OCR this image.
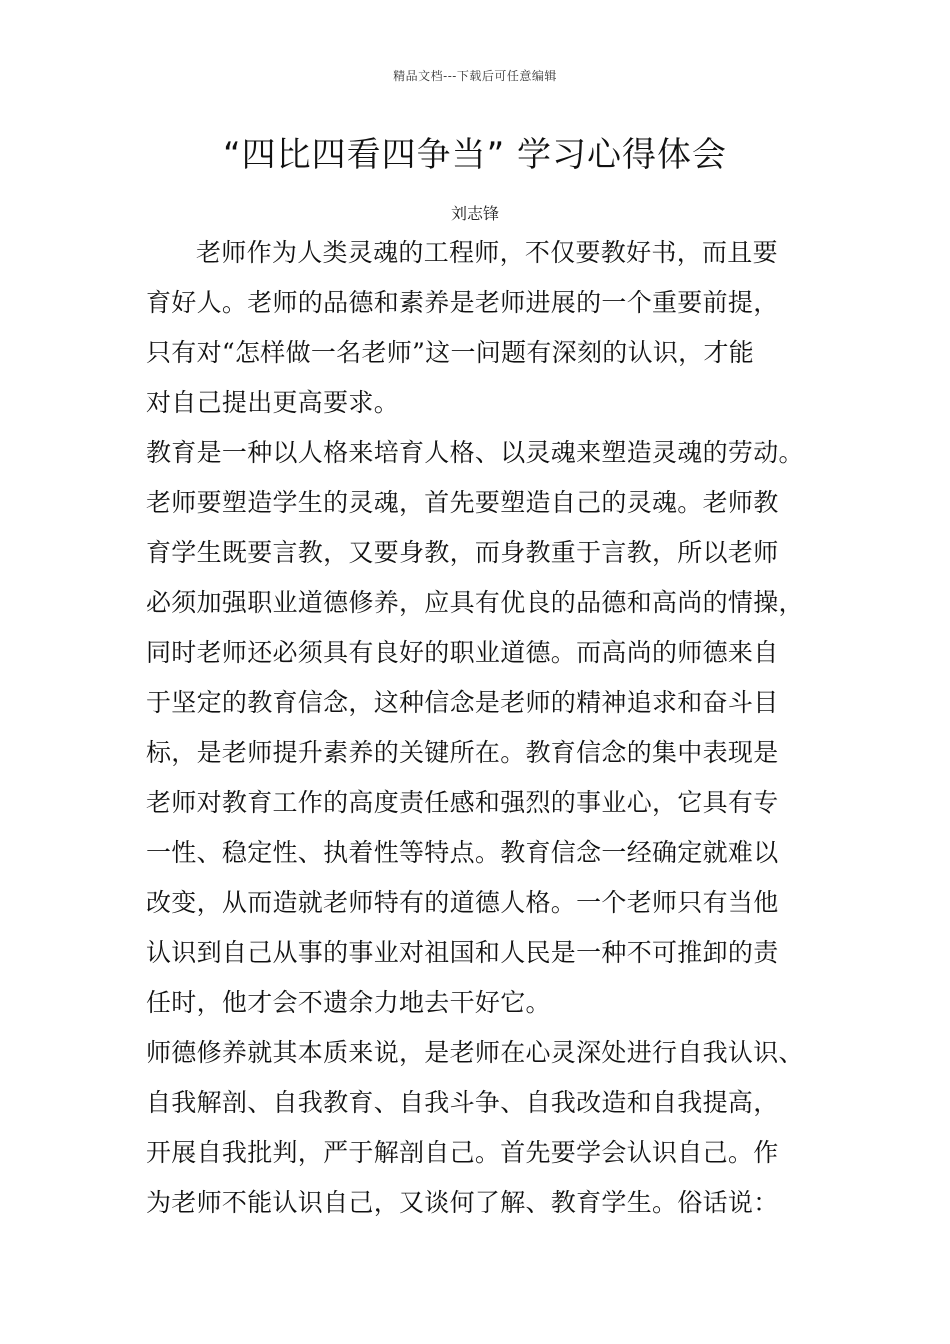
精品文档---下载后可任意编辑
“四比四看四争当” 学习心得体会
刘志锋
老师作为人类灵魂的工程师，不仅要教好书，而且要
育好人。老师的品德和素养是老师进展的一个重要前提，
只有对“怎样做一名老师”这一问题有深刻的认识，才能
对自己提出更高要求。
教育是一种以人格来培育人格、以灵魂来塑造灵魂的劳动。
老师要塑造学生的灵魂，首先要塑造自己的灵魂。老师教
育学生既要言教，又要身教，而身教重于言教，所以老师
必须加强职业道德修养，应具有优良的品德和高尚的情操，
同时老师还必须具有良好的职业道德。而高尚的师德来自
于坚定的教育信念，这种信念是老师的精神追求和奋斗目
标，是老师提升素养的关键所在。教育信念的集中表现是
老师对教育工作的高度责任感和强烈的事业心，它具有专
一性、稳定性、执着性等特点。教育信念一经确定就难以
改变，从而造就老师特有的道德人格。一个老师只有当他
认识到自己从事的事业对祖国和人民是一种不可推卸的责
任时，他才会不遗余力地去干好它。
师德修养就其本质来说，是老师在心灵深处进行自我认识、
自我解剖、自我教育、自我斗争、自我改造和自我提高，
开展自我批判，严于解剖自己。首先要学会认识自己。作
为老师不能认识自己，又谈何了解、教育学生。俗话说：
